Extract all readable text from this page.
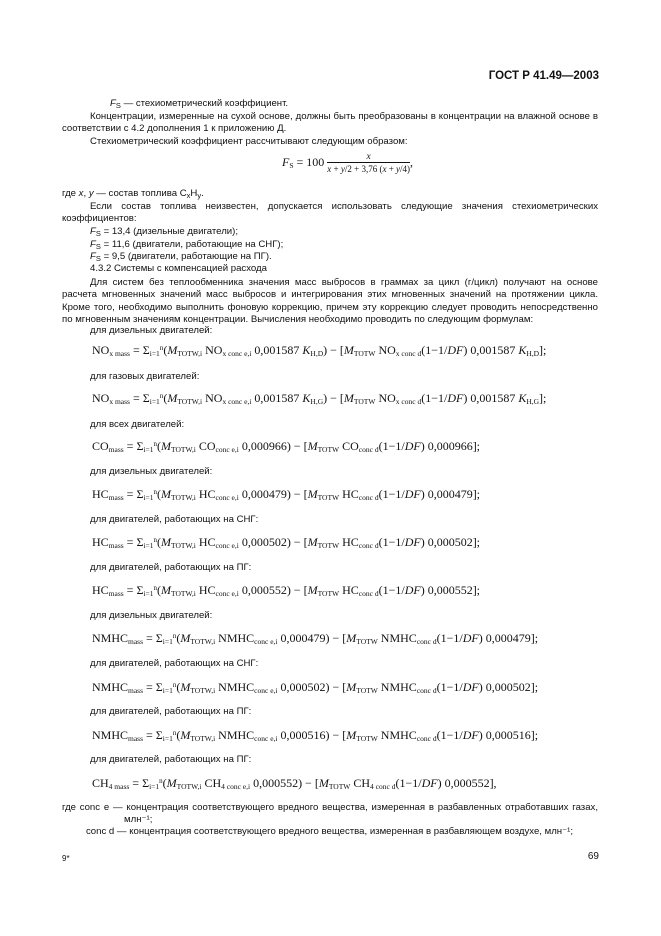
ГОСТ Р 41.49—2003
$F_S$ — стехиометрический коэффициент.
Концентрации, измеренные на сухой основе, должны быть преобразованы в концентрации на влажной основе в соответствии с 4.2 дополнения 1 к приложению Д.
Стехиометрический коэффициент рассчитывают следующим образом:
$F_S = 100 \frac{x}{x + y/2 + 3,76 (x + y/4)}$ ,
где x, y — состав топлива $C_xH_y$.
Если состав топлива неизвестен, допускается использовать следующие значения стехиометрических коэффициентов:
$F_S = 13,4$ (дизельные двигатели);
$F_S = 11,6$ (двигатели, работающие на СНГ);
$F_S = 9,5$ (двигатели, работающие на ПГ).
4.3.2 Системы с компенсацией расхода
Для систем без теплообменника значения масс выбросов в граммах за цикл (г/цикл) получают на основе расчета мгновенных значений масс выбросов и интегрирования этих мгновенных значений на протяжении цикла. Кроме того, необходимо выполнить фоновую коррекцию, причем эту коррекцию следует проводить непосредственно по мгновенным значениям концентрации. Вычисления необходимо проводить по следующим формулам:
для дизельных двигателей:
$NO_{x mass} = \Sigma_{i=1}^n(M_{TOTW,i}$ $NO_{x conc e,i}$ 0,001587 $K_{H,D}) - [M_{TOTW}$ $NO_{x conc d}(1-1/DF)$ 0,001587 $K_{H,D}$];
для газовых двигателей:
$NO_{x mass} = \Sigma_{i=1}^n(M_{TOTW,i}$ $NO_{x conc e,i}$ 0,001587 $K_{H,G}) - [M_{TOTW}$ $NO_{x conc d}(1-1/DF)$ 0,001587 $K_{H,G}$];
для всех двигателей:
$CO_{mass} = \Sigma_{i=1}^n(M_{TOTW,i}$ $CO_{conc e,i}$ $0,000966) - [M_{TOTW}$ $CO_{conc d}(1-1/DF)$ 0,000966];
для дизельных двигателей:
$HC_{mass} = \Sigma_{i=1}^n(M_{TOTW,i}$ $HC_{conc e,i}$ $0,000479) - [M_{TOTW}$ $HC_{conc d}(1-1/DF)$ 0,000479];
для двигателей, работающих на СНГ:
$HC_{mass} = \Sigma_{i=1}^n(M_{TOTW,i}$ $HC_{conc e,i}$ $0,000502) - [M_{TOTW}$ $HC_{conc d}(1-1/DF)$ 0,000502];
для двигателей, работающих на ПГ:
$HC_{mass} = \Sigma_{i=1}^n(M_{TOTW,i}$ $HC_{conc e,i}$ $0,000552) - [M_{TOTW}$ $HC_{conc d}(1-1/DF)$ 0,000552];
для дизельных двигателей:
$NMHC_{mass} = \Sigma_{i=1}^n(M_{TOTW,i}$ $NMHC_{conc e,i}$ $0,000479) - [M_{TOTW}$ $NMHC_{conc d}(1-1/DF)$ 0,000479];
для двигателей, работающих на СНГ:
$NMHC_{mass} = \Sigma_{i=1}^n(M_{TOTW,i}$ $NMHC_{conc e,i}$ $0,000502) - [M_{TOTW}$ $NMHC_{conc d}(1-1/DF)$ 0,000502];
для двигателей, работающих на ПГ:
$NMHC_{mass} = \Sigma_{i=1}^n(M_{TOTW,i}$ $NMHC_{conc e,i}$ $0,000516) - [M_{TOTW}$ $NMHC_{conc d}(1-1/DF)$ 0,000516];
для двигателей, работающих на ПГ:
$CH_{4 mass} = \Sigma_{i=1}^n(M_{TOTW,i}$ $CH_{4 conc e,i}$ $0,000552) - [M_{TOTW}$ $CH_{4 conc d}(1-1/DF)$ 0,000552],
где conc e — концентрация соответствующего вредного вещества, измеренная в разбавленных отработавших газах, млн⁻¹;
conc d — концентрация соответствующего вредного вещества, измеренная в разбавляющем воздухе, млн⁻¹;
9*	69
